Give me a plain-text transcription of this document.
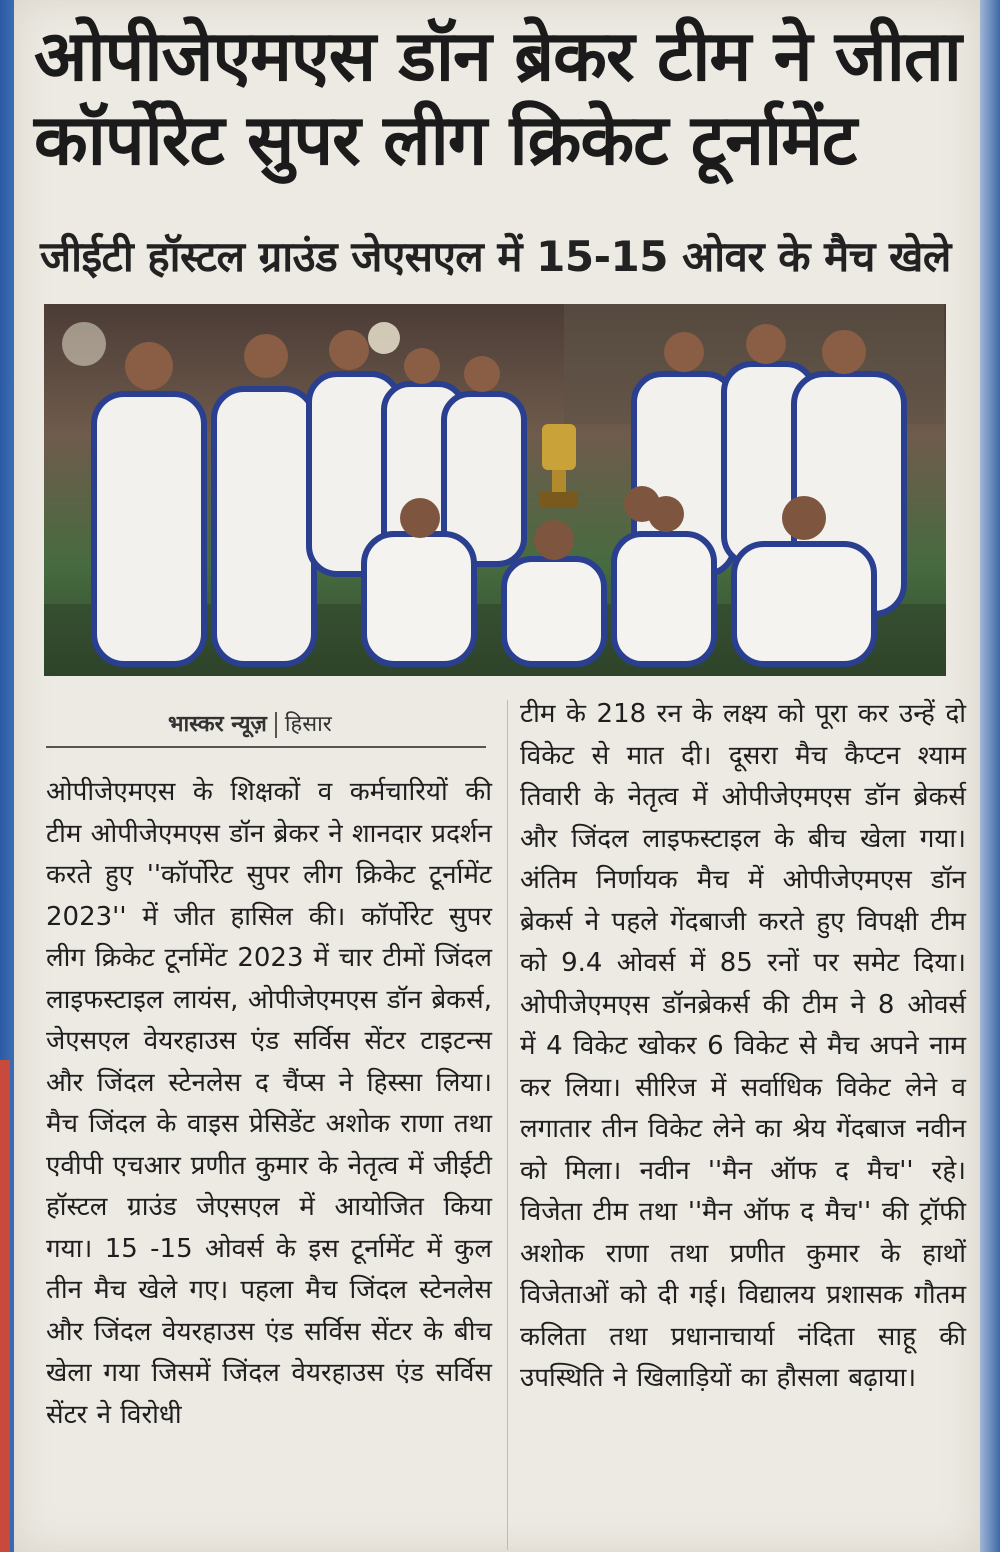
ओपीजेएमएस डॉन ब्रेकर टीम ने जीता कॉर्पोरेट सुपर लीग क्रिकेट टूर्नामेंट
जीईटी हॉस्टल ग्राउंड जेएसएल में 15-15 ओवर के मैच खेले

भास्कर न्यूज़ हिसार

ओपीजेएमएस के शिक्षकों व कर्मचारियों की टीम ओपीजेएमएस डॉन ब्रेकर ने शानदार प्रदर्शन करते हुए ''कॉर्पोरेट सुपर लीग क्रिकेट टूर्नामेंट 2023'' में जीत हासिल की। कॉर्पोरेट सुपर लीग क्रिकेट टूर्नामेंट 2023 में चार टीमों जिंदल लाइफस्टाइल लायंस, ओपीजेएमएस डॉन ब्रेकर्स, जेएसएल वेयरहाउस एंड सर्विस सेंटर टाइटन्स और जिंदल स्टेनलेस द चैंप्स ने हिस्सा लिया। मैच जिंदल के वाइस प्रेसिडेंट अशोक राणा तथा एवीपी एचआर प्रणीत कुमार के नेतृत्व में जीईटी हॉस्टल ग्राउंड जेएसएल में आयोजित किया गया। 15 -15 ओवर्स के इस टूर्नामेंट में कुल तीन मैच खेले गए। पहला मैच जिंदल स्टेनलेस और जिंदल वेयरहाउस एंड सर्विस सेंटर के बीच खेला गया जिसमें जिंदल वेयरहाउस एंड सर्विस सेंटर ने विरोधी

टीम के 218 रन के लक्ष्य को पूरा कर उन्हें दो विकेट से मात दी। दूसरा मैच कैप्टन श्याम तिवारी के नेतृत्व में ओपीजेएमएस डॉन ब्रेकर्स और जिंदल लाइफस्टाइल के बीच खेला गया। अंतिम निर्णायक मैच में ओपीजेएमएस डॉन ब्रेकर्स ने पहले गेंदबाजी करते हुए विपक्षी टीम को 9.4 ओवर्स में 85 रनों पर समेट दिया। ओपीजेएमएस डॉनब्रेकर्स की टीम ने 8 ओवर्स में 4 विकेट खोकर 6 विकेट से मैच अपने नाम कर लिया। सीरिज में सर्वाधिक विकेट लेने व लगातार तीन विकेट लेने का श्रेय गेंदबाज नवीन को मिला। नवीन ''मैन ऑफ द मैच'' रहे। विजेता टीम तथा ''मैन ऑफ द मैच'' की ट्रॉफी अशोक राणा तथा प्रणीत कुमार के हाथों विजेताओं को दी गई। विद्यालय प्रशासक गौतम कलिता तथा प्रधानाचार्या नंदिता साहू की उपस्थिति ने खिलाड़ियों का हौसला बढ़ाया।
